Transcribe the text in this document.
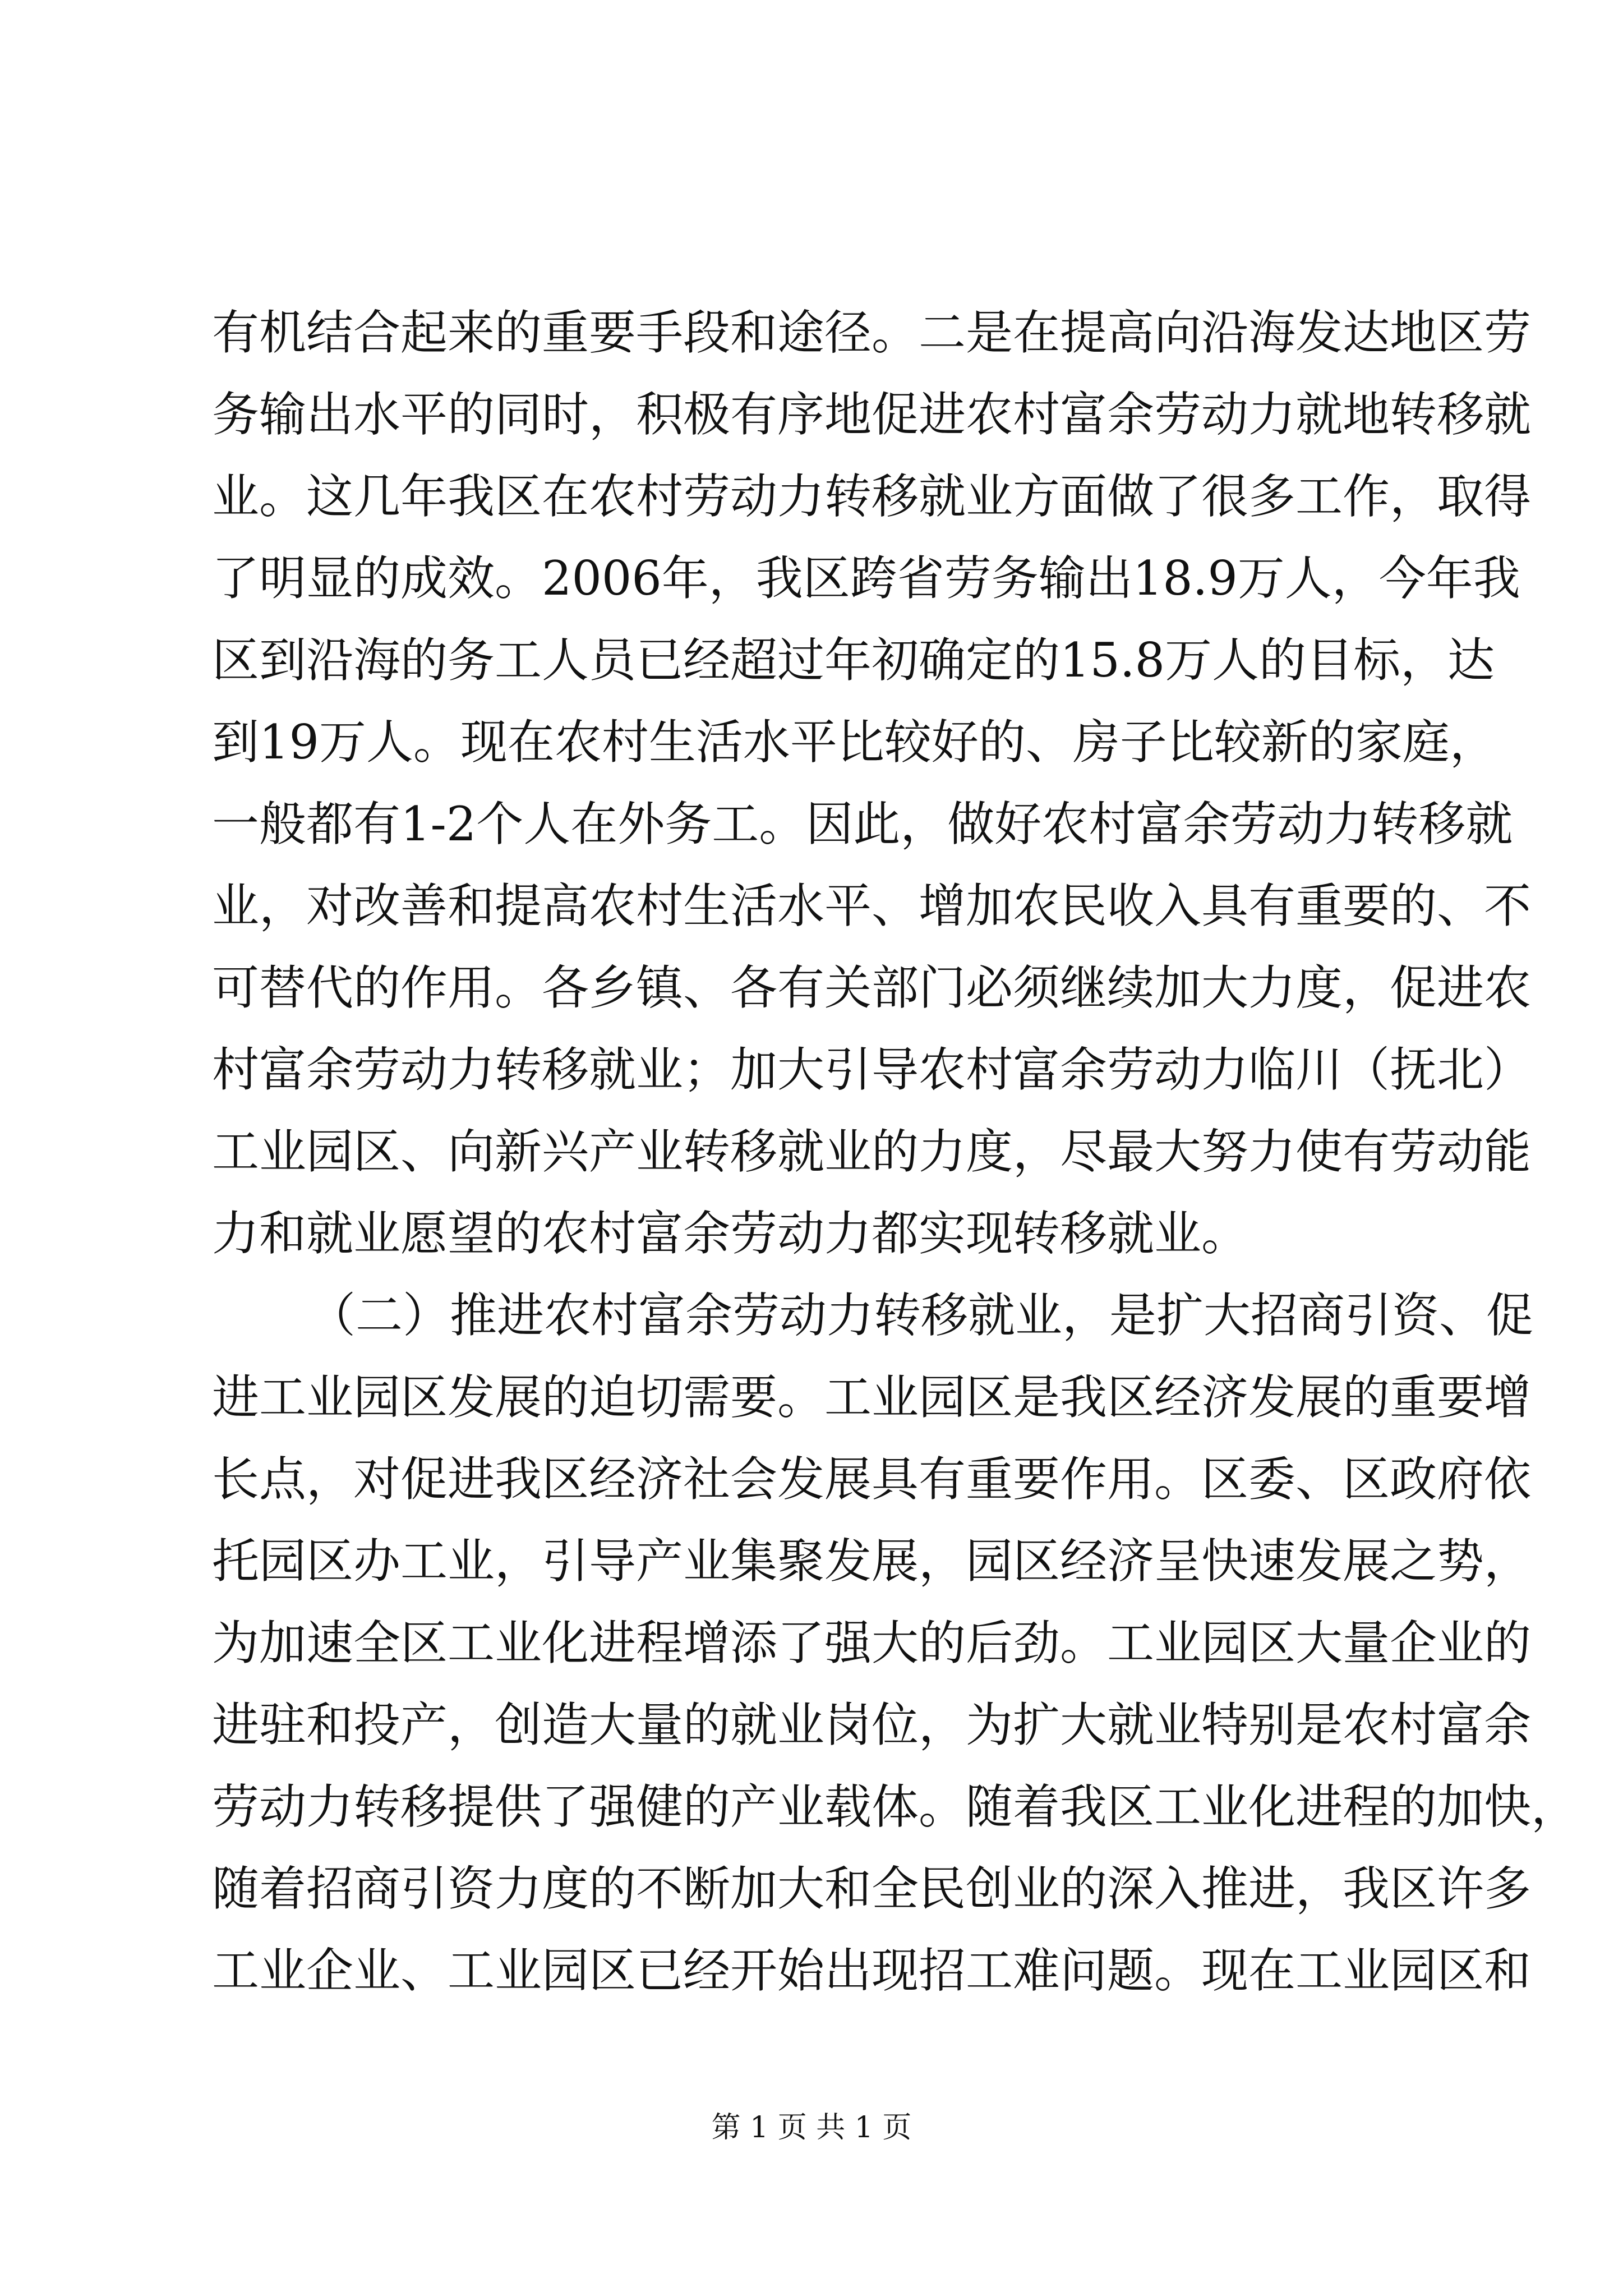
有机结合起来的重要手段和途径。二是在提高向沿海发达地区劳
务输出水平的同时，积极有序地促进农村富余劳动力就地转移就
业。这几年我区在农村劳动力转移就业方面做了很多工作，取得
了明显的成效。2006年，我区跨省劳务输出18.9万人，今年我
区到沿海的务工人员已经超过年初确定的15.8万人的目标，达
到19万人。现在农村生活水平比较好的、房子比较新的家庭，
一般都有1-2个人在外务工。因此，做好农村富余劳动力转移就
业，对改善和提高农村生活水平、增加农民收入具有重要的、不
可替代的作用。各乡镇、各有关部门必须继续加大力度，促进农
村富余劳动力转移就业；加大引导农村富余劳动力临川（抚北）
工业园区、向新兴产业转移就业的力度，尽最大努力使有劳动能
力和就业愿望的农村富余劳动力都实现转移就业。
（二）推进农村富余劳动力转移就业，是扩大招商引资、促
进工业园区发展的迫切需要。工业园区是我区经济发展的重要增
长点，对促进我区经济社会发展具有重要作用。区委、区政府依
托园区办工业，引导产业集聚发展，园区经济呈快速发展之势，
为加速全区工业化进程增添了强大的后劲。工业园区大量企业的
进驻和投产，创造大量的就业岗位，为扩大就业特别是农村富余
劳动力转移提供了强健的产业载体。随着我区工业化进程的加快，
随着招商引资力度的不断加大和全民创业的深入推进，我区许多
工业企业、工业园区已经开始出现招工难问题。现在工业园区和
第 1 页 共 1 页
